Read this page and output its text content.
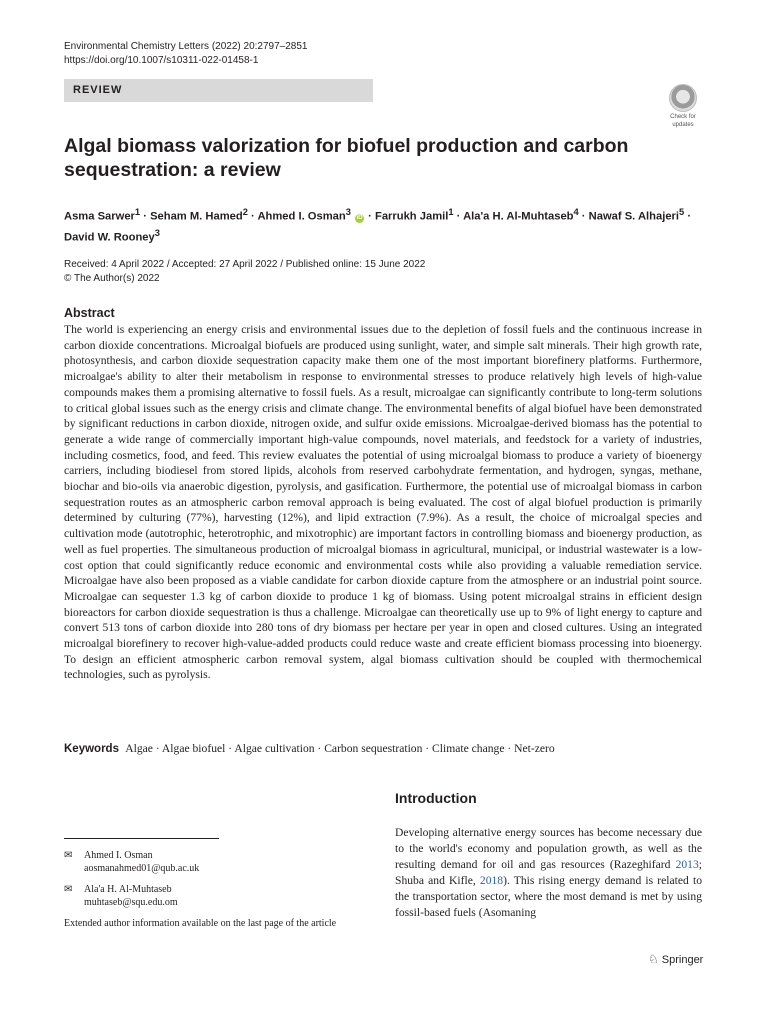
Environmental Chemistry Letters (2022) 20:2797–2851
https://doi.org/10.1007/s10311-022-01458-1
REVIEW
Check for
updates
Algal biomass valorization for biofuel production and carbon sequestration: a review
Asma Sarwer$^1$ · Seham M. Hamed$^2$ · Ahmed I. Osman$^3$ iD · Farrukh Jamil$^1$ · Ala'a H. Al-Muhtaseb$^4$ · Nawaf S. Alhajeri$^5$ ·
David W. Rooney$^3$
Received: 4 April 2022 / Accepted: 27 April 2022 / Published online: 15 June 2022
© The Author(s) 2022
Abstract

The world is experiencing an energy crisis and environmental issues due to the depletion of fossil fuels and the continuous increase in carbon dioxide concentrations. Microalgal biofuels are produced using sunlight, water, and simple salt minerals. Their high growth rate, photosynthesis, and carbon dioxide sequestration capacity make them one of the most important biorefinery platforms. Furthermore, microalgae's ability to alter their metabolism in response to environmental stresses to produce relatively high levels of high-value compounds makes them a promising alternative to fossil fuels. As a result, microalgae can significantly contribute to long-term solutions to critical global issues such as the energy crisis and climate change. The environmental benefits of algal biofuel have been demonstrated by significant reductions in carbon dioxide, nitrogen oxide, and sulfur oxide emissions. Microalgae-derived biomass has the potential to generate a wide range of commercially important high-value compounds, novel materials, and feedstock for a variety of industries, including cosmetics, food, and feed. This review evaluates the potential of using microalgal biomass to produce a variety of bioenergy carriers, including biodiesel from stored lipids, alcohols from reserved carbohydrate fermentation, and hydrogen, syngas, methane, biochar and bio-oils via anaerobic digestion, pyrolysis, and gasification. Furthermore, the potential use of microalgal biomass in carbon sequestration routes as an atmospheric carbon removal approach is being evaluated. The cost of algal biofuel production is primarily determined by culturing (77%), harvesting (12%), and lipid extraction (7.9%). As a result, the choice of microalgal species and cultivation mode (autotrophic, heterotrophic, and mixotrophic) are important factors in controlling biomass and bioenergy production, as well as fuel properties. The simultaneous production of microalgal biomass in agricultural, municipal, or industrial wastewater is a low-cost option that could significantly reduce economic and environmental costs while also providing a valuable remediation service. Microalgae have also been proposed as a viable candidate for carbon dioxide capture from the atmosphere or an industrial point source. Microalgae can sequester 1.3 kg of carbon dioxide to produce 1 kg of biomass. Using potent microalgal strains in efficient design bioreactors for carbon dioxide sequestration is thus a challenge. Microalgae can theoretically use up to 9% of light energy to capture and convert 513 tons of carbon dioxide into 280 tons of dry biomass per hectare per year in open and closed cultures. Using an integrated microalgal biorefinery to recover high-value-added products could reduce waste and create efficient biomass processing into bioenergy. To design an efficient atmospheric carbon removal system, algal biomass cultivation should be coupled with thermochemical technologies, such as pyrolysis.

Keywords Algae · Algae biofuel · Algae cultivation · Carbon sequestration · Climate change · Net-zero
Introduction

Developing alternative energy sources has become necessary due to the world's economy and population growth, as well as the resulting demand for oil and gas resources (Razeghifard 2013; Shuba and Kifle, 2018). This rising energy demand is related to the transportation sector, where the most demand is met by using fossil-based fuels (Asomaning

✉ Ahmed I. Osman
aosmanahmed01@qub.ac.uk
✉ Ala'a H. Al-Muhtaseb
muhtaseb@squ.edu.om
Extended author information available on the last page of the article
♘ Springer
